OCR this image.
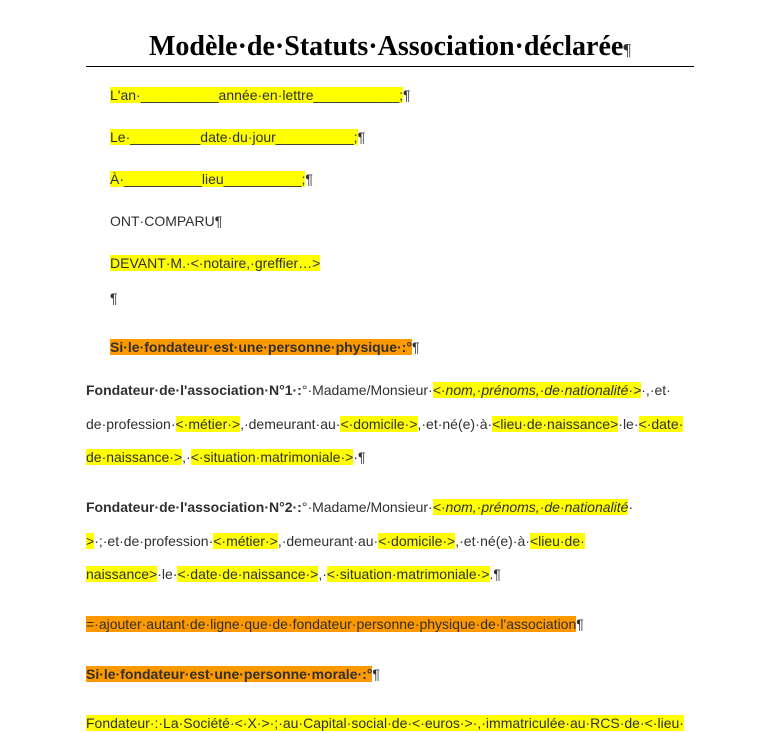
Modèle·de·Statuts·Association·déclarée¶
L'an·__________année·en·lettre___________;¶
Le·_________date·du·jour__________;¶
À·__________lieu__________;¶
ONT·COMPARU¶
DEVANT·M.·<·notaire,·greffier…>
¶
Si·le·fondateur·est·une·personne·physique·:°¶
Fondateur·de·l'association·N°1·:°·Madame/Monsieur·<·nom,·prénoms,·de·nationalité·>·,·et·
de·profession·<·métier·>,·demeurant·au·<·domicile·>,·et·né(e)·à·<lieu·de·naissance>·le·<·date·
de·naissance·>,·<·situation·matrimoniale·>·¶
Fondateur·de·l'association·N°2·:°·Madame/Monsieur·<·nom,·prénoms,·de·nationalité·
>·;·et·de·profession·<·métier·>,·demeurant·au·<·domicile·>,·et·né(e)·à·<lieu·de·
naissance>·le·<·date·de·naissance·>,·<·situation·matrimoniale·>.¶
=·ajouter·autant·de·ligne·que·de·fondateur·personne·physique·de·l'association¶
Si·le·fondateur·est·une·personne·morale·:°¶
Fondateur·:·La·Société·<·X·>·;·au·Capital·social·de·<·euros·>·,·immatriculée·au·RCS·de·<·lieu·
